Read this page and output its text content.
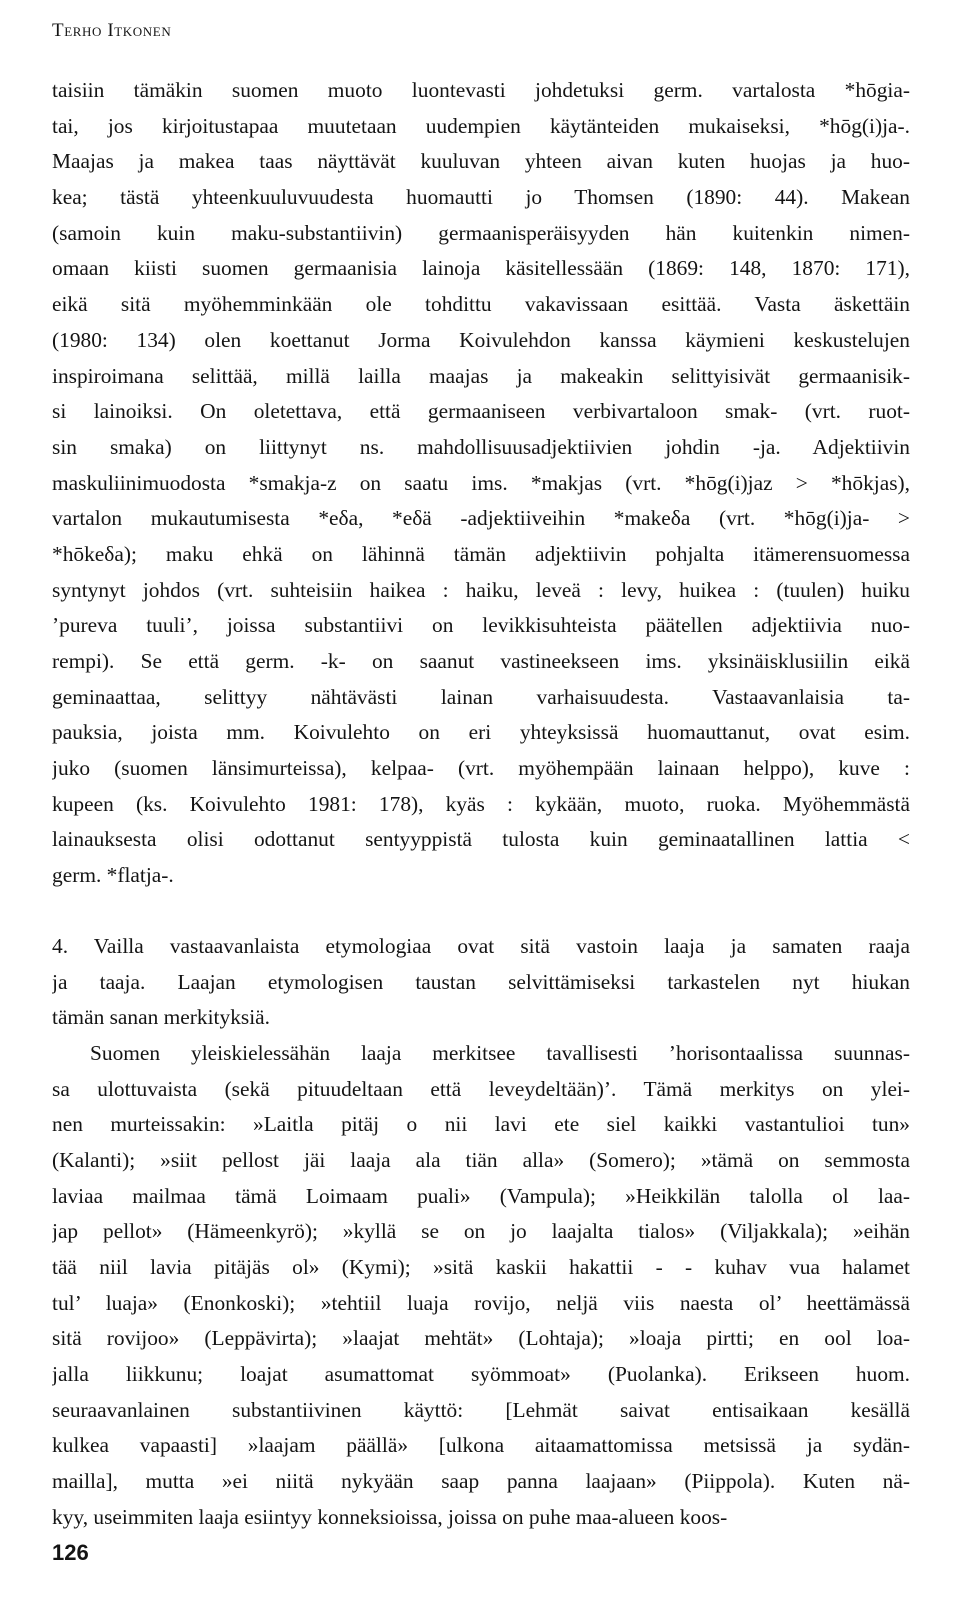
Terho Itkonen
taisiin tämäkin suomen muoto luontevasti johdetuksi germ. vartalosta *hōgia-
tai, jos kirjoitustapaa muutetaan uudempien käytänteiden mukaiseksi, *hōg(i)ja-.
Maajas ja makea taas näyttävät kuuluvan yhteen aivan kuten huojas ja huo-
kea; tästä yhteenkuuluvuudesta huomautti jo Thomsen (1890: 44). Makean
(samoin kuin maku-substantiivin) germaanisperäisyyden hän kuitenkin nimen-
omaan kiisti suomen germaanisia lainoja käsitellessään (1869: 148, 1870: 171),
eikä sitä myöhemminkään ole tohdittu vakavissaan esittää. Vasta äskettäin
(1980: 134) olen koettanut Jorma Koivulehdon kanssa käymieni keskustelujen
inspiroimana selittää, millä lailla maajas ja makeakin selittyisivät germaanisik-
si lainoiksi. On oletettava, että germaaniseen verbivartaloon smak- (vrt. ruot-
sin smaka) on liittynyt ns. mahdollisuusadjektiivien johdin -ja. Adjektiivin
maskuliinimuodosta *smakja-z on saatu ims. *makjas (vrt. *hōg(i)jaz > *hōkjas),
vartalon mukautumisesta *eδa, *eδä -adjektiiveihin *makeδa (vrt. *hōg(i)ja- >
*hōkeδa); maku ehkä on lähinnä tämän adjektiivin pohjalta itämerensuomessa
syntynyt johdos (vrt. suhteisiin haikea : haiku, leveä : levy, huikea : (tuulen) huiku
’pureva tuuli’, joissa substantiivi on levikkisuhteista päätellen adjektiivia nuo-
rempi). Se että germ. -k- on saanut vastineekseen ims. yksinäisklusiilin eikä
geminaattaa, selittyy nähtävästi lainan varhaisuudesta. Vastaavanlaisia ta-
pauksia, joista mm. Koivulehto on eri yhteyksissä huomauttanut, ovat esim.
juko (suomen länsimurteissa), kelpaa- (vrt. myöhempään lainaan helppo), kuve :
kupeen (ks. Koivulehto 1981: 178), kyäs : kykään, muoto, ruoka. Myöhemmästä
lainauksesta olisi odottanut sentyyppistä tulosta kuin geminaatallinen lattia <
germ. *flatja-.
4. Vailla vastaavanlaista etymologiaa ovat sitä vastoin laaja ja samaten raaja
ja taaja. Laajan etymologisen taustan selvittämiseksi tarkastelen nyt hiukan
tämän sanan merkityksiä.
Suomen yleiskielessähän laaja merkitsee tavallisesti ’horisontaalissa suunnas-
sa ulottuvaista (sekä pituudeltaan että leveydeltään)’. Tämä merkitys on ylei-
nen murteissakin: »Laitla pitäj o nii lavi ete siel kaikki vastantulioi tun»
(Kalanti); »siit pellost jäi laaja ala tiän alla» (Somero); »tämä on semmosta
laviaa mailmaa tämä Loimaam puali» (Vampula); »Heikkilän talolla ol laa-
jap pellot» (Hämeenkyrö); »kyllä se on jo laajalta tialos» (Viljakkala); »eihän
tää niil lavia pitäjäs ol» (Kymi); »sitä kaskii hakattii - - kuhav vua halamet
tul’ luaja» (Enonkoski); »tehtiil luaja rovijo, neljä viis naesta ol’ heettämässä
sitä rovijoo» (Leppävirta); »laajat mehtät» (Lohtaja); »loaja pirtti; en ool loa-
jalla liikkunu; loajat asumattomat syömmoat» (Puolanka). Erikseen huom.
seuraavanlainen substantiivinen käyttö: [Lehmät saivat entisaikaan kesällä
kulkea vapaasti] »laajam päällä» [ulkona aitaamattomissa metsissä ja sydän-
mailla], mutta »ei niitä nykyään saap panna laajaan» (Piippola). Kuten nä-
kyy, useimmiten laaja esiintyy konneksioissa, joissa on puhe maa-alueen koos-
126
